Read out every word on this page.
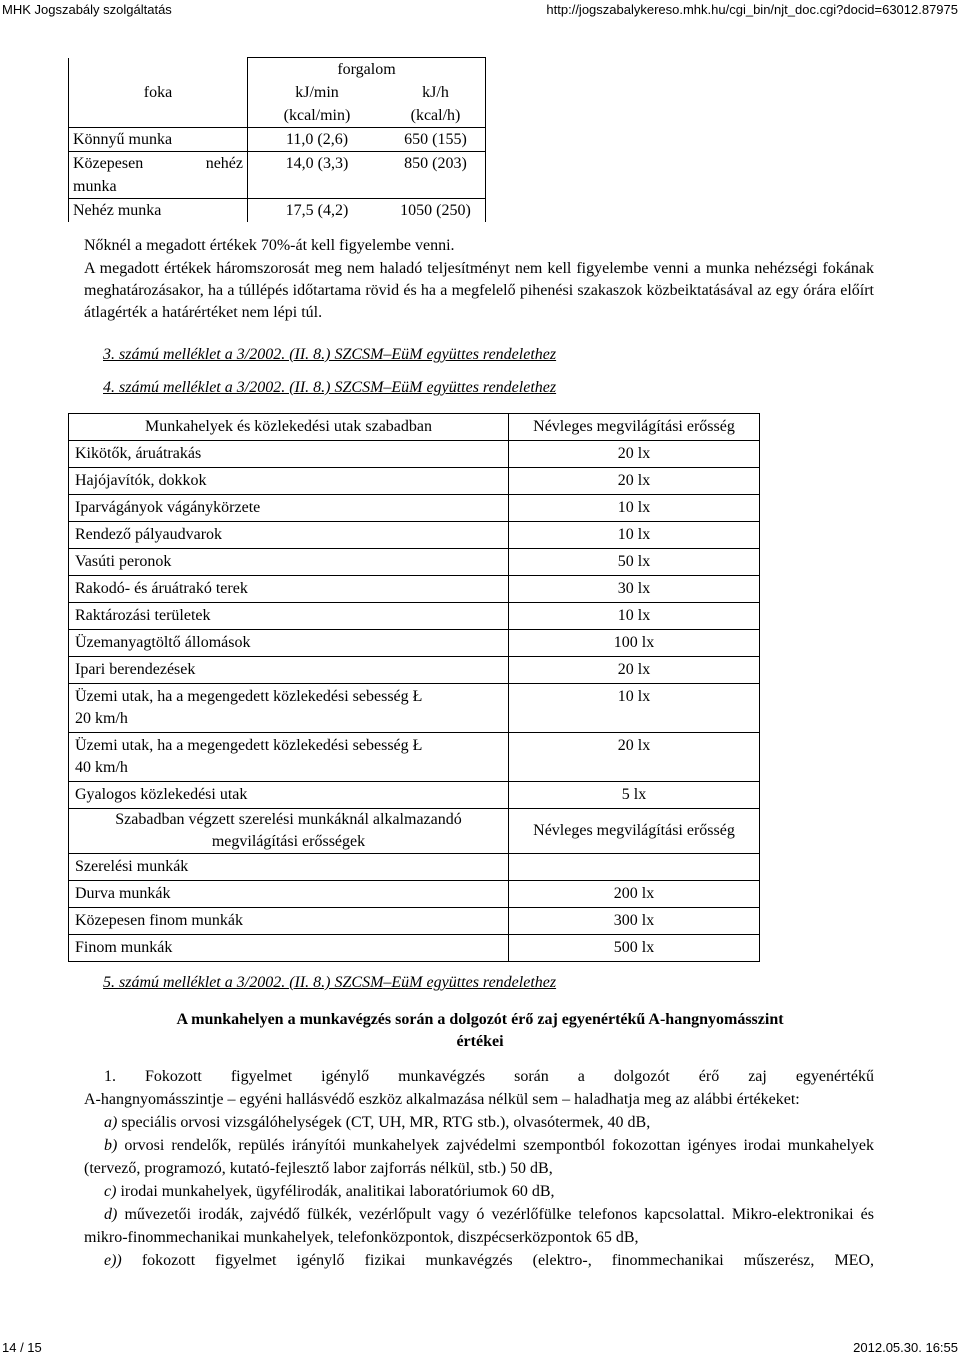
MHK Jogszabály szolgáltatás	http://jogszabalykereso.mhk.hu/cgi_bin/njt_doc.cgi?docid=63012.87975
foka	forgalom	
	kJ/min	kJ/h
	(kcal/min)	(kcal/h)
Könnyű munka	11,0 (2,6)	650 (155)

Közepesen nehéz
munka	14,0 (3,3)	850 (203)
Nehéz munka	17,5 (4,2)	1050 (250)
Nőknél a megadott értékek 70%-át kell figyelembe venni.
A megadott értékek háromszorosát meg nem haladó teljesítményt nem kell figyelembe venni a munka nehézségi fokának meghatározásakor, ha a túllépés időtartama rövid és ha a megfelelő pihenési szakaszok közbeiktatásával az egy órára előírt átlagérték a határértéket nem lépi túl.
3. számú melléklet a 3/2002. (II. 8.) SZCSM–EüM együttes rendelethez
4. számú melléklet a 3/2002. (II. 8.) SZCSM–EüM együttes rendelethez
Munkahelyek és közlekedési utak szabadban	Névleges megvilágítási erősség
Kikötők, áruátrakás	20 lx
Hajójavítók, dokkok	20 lx
Iparvágányok vágánykörzete	10 lx
Rendező pályaudvarok	10 lx
Vasúti peronok	50 lx
Rakodó- és áruátrakó terek	30 lx
Raktározási területek	10 lx
Üzemanyagtöltő állomások	100 lx
Ipari berendezések	20 lx

Üzemi utak, ha a megengedett közlekedési sebesség Ł
20 km/h	10 lx

Üzemi utak, ha a megengedett közlekedési sebesség Ł
40 km/h	20 lx
Gyalogos közlekedési utak	5 lx

Szabadban végzett szerelési munkáknál alkalmazandó
megvilágítási erősségek	Névleges megvilágítási erősség
Szerelési munkák	
Durva munkák	200 lx
Közepesen finom munkák	300 lx
Finom munkák	500 lx
5. számú melléklet a 3/2002. (II. 8.) SZCSM–EüM együttes rendelethez
A munkahelyen a munkavégzés során a dolgozót érő zaj egyenértékű A-hangnyomásszint
értékei

1. Fokozott figyelmet igénylő munkavégzés során a dolgozót érő zaj egyenértékű

A-hangnyomásszintje – egyéni hallásvédő eszköz alkalmazása nélkül sem – haladhatja meg az alábbi értékeket:

a) speciális orvosi vizsgálóhelységek (CT, UH, MR, RTG stb.), olvasótermek, 40 dB,

b) orvosi rendelők, repülés irányítói munkahelyek zajvédelmi szempontból fokozottan igényes irodai munkahelyek (tervező, programozó, kutató-fejlesztő labor zajforrás nélkül, stb.) 50 dB,

c) irodai munkahelyek, ügyfélirodák, analitikai laboratóriumok 60 dB,

d) művezetői irodák, zajvédő fülkék, vezérlőpult vagy ó vezérlőfülke telefonos kapcsolattal. Mikro-elektronikai és mikro-finommechanikai munkahelyek, telefonközpontok, diszpécserközpontok 65 dB,

e)) fokozott figyelmet igénylő fizikai munkavégzés (elektro-, finommechanikai műszerész, MEO,

14 / 15	2012.05.30. 16:55
